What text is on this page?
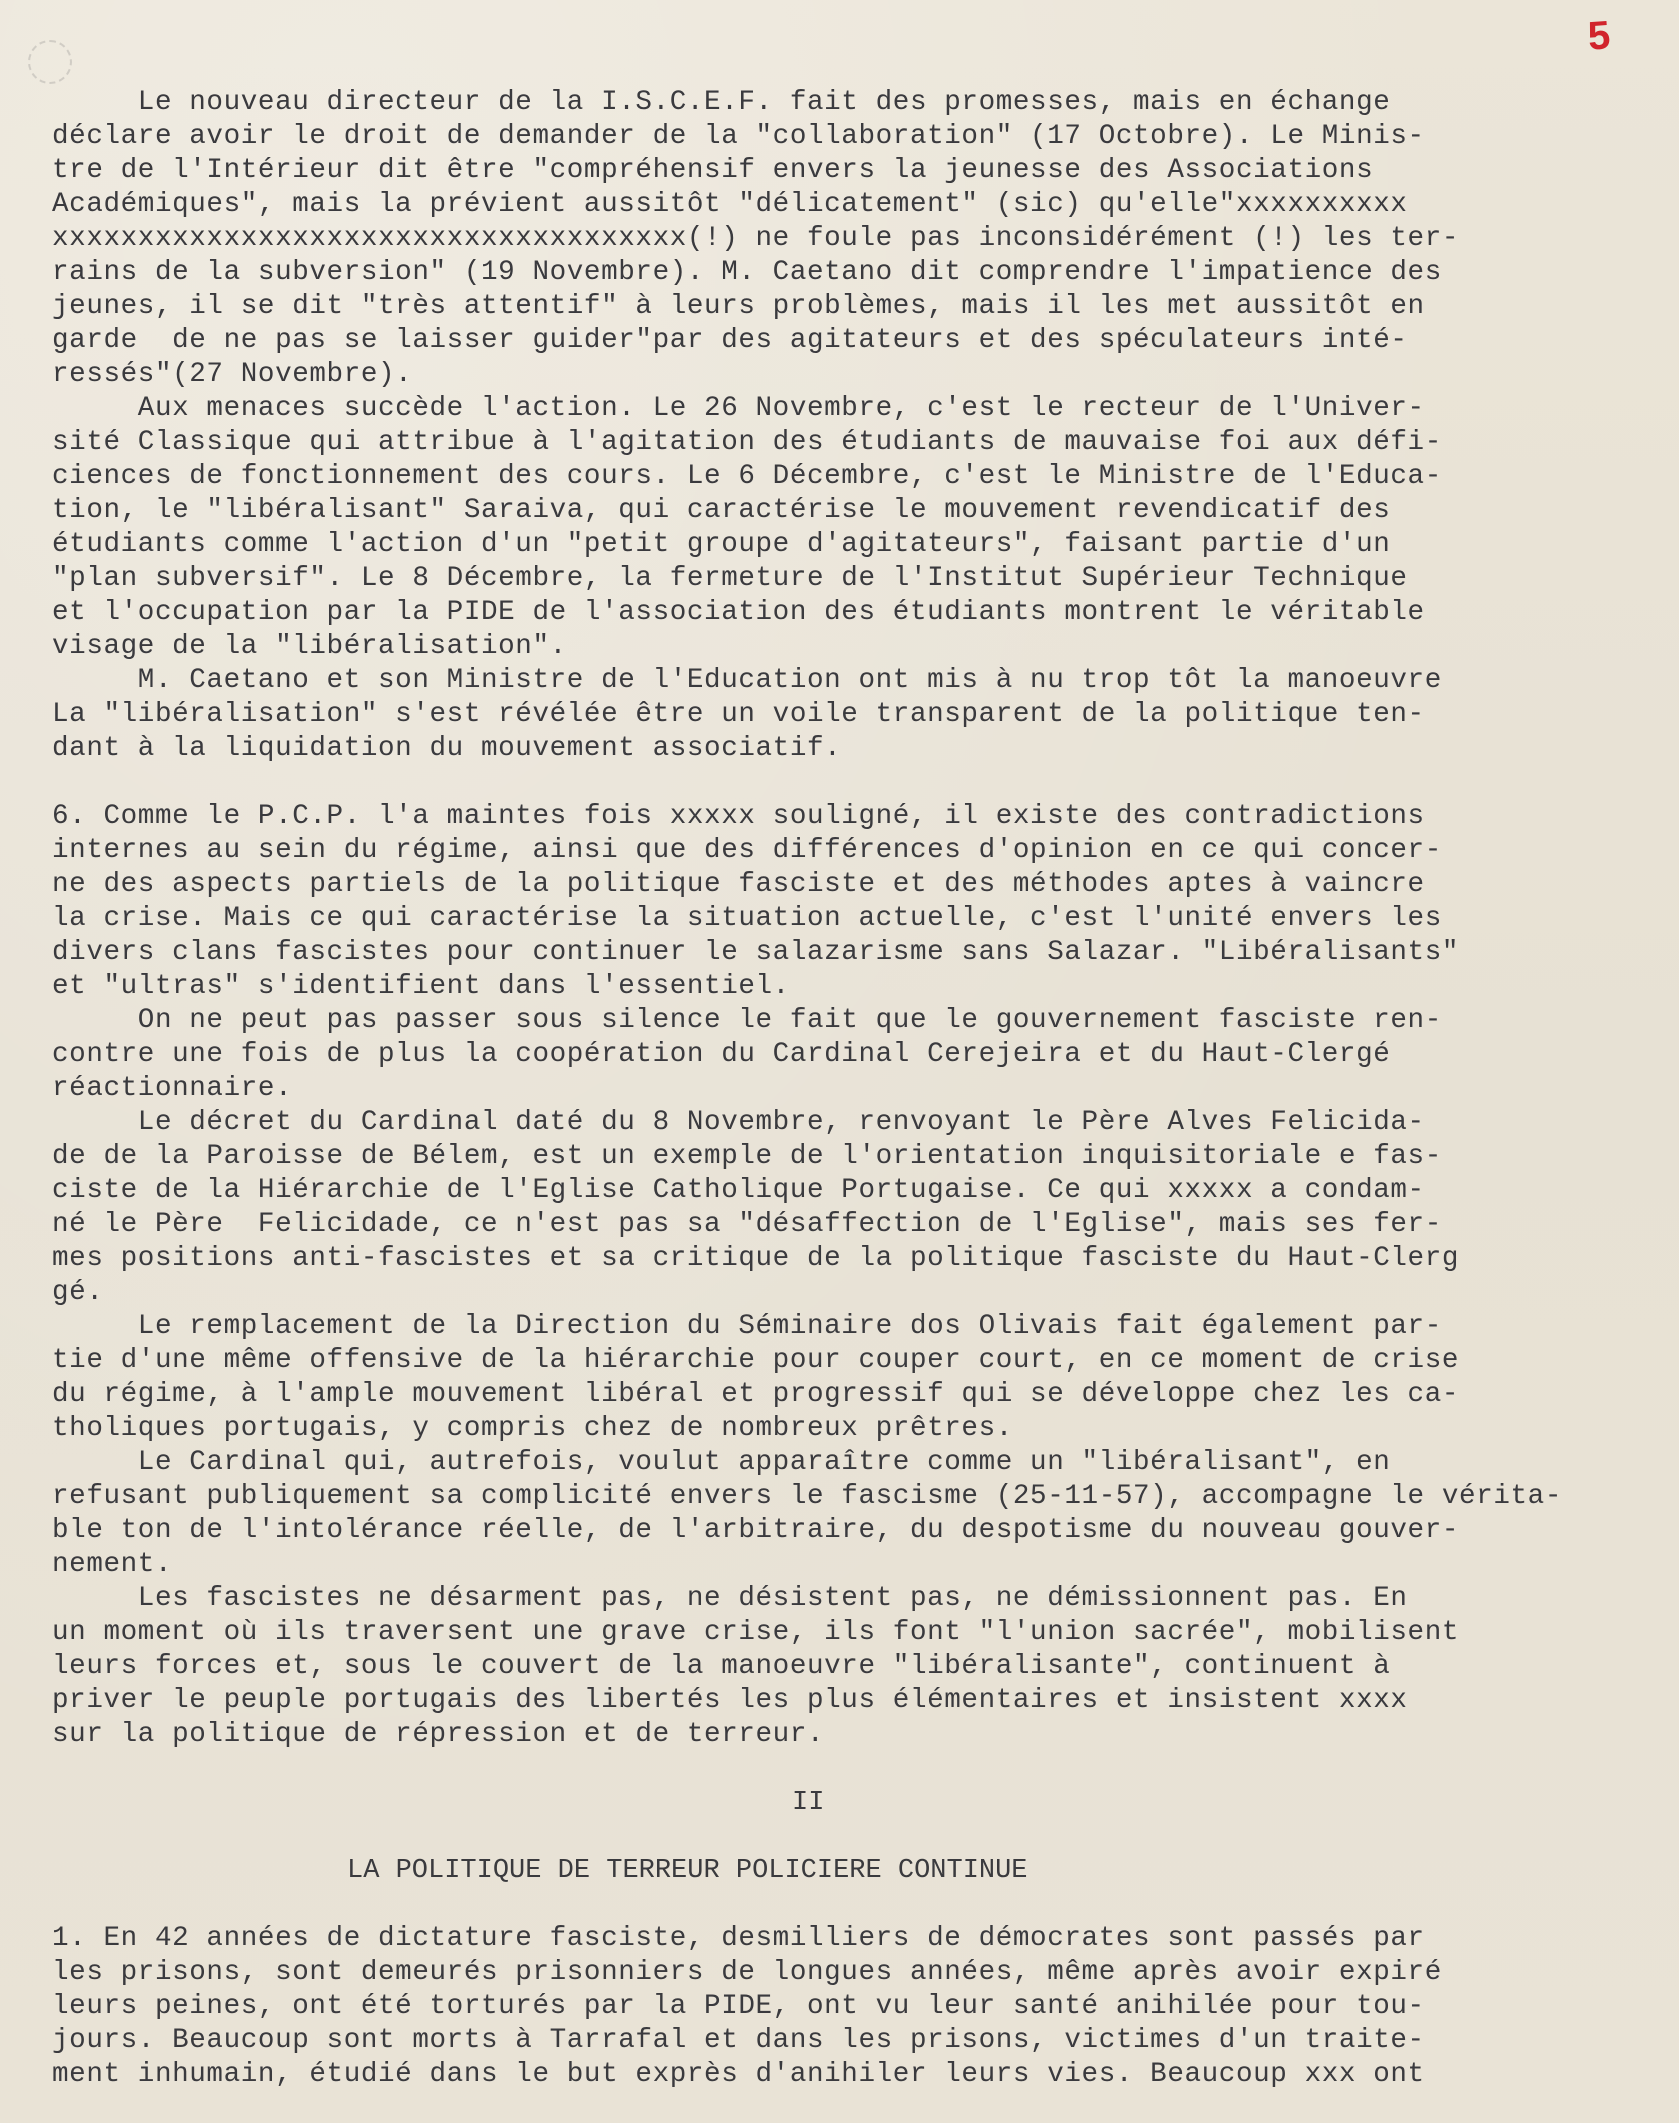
5
Le nouveau directeur de la I.S.C.E.F. fait des promesses, mais en échange
déclare avoir le droit de demander de la "collaboration" (17 Octobre). Le Minis-
tre de l'Intérieur dit être "compréhensif envers la jeunesse des Associations
Académiques", mais la prévient aussitôt "délicatement" (sic) qu'elle"xxxxxxxxxx
xxxxxxxxxxxxxxxxxxxxxxxxxxxxxxxxxxxxx(!) ne foule pas inconsidérément (!) les ter-
rains de la subversion" (19 Novembre). M. Caetano dit comprendre l'impatience des
jeunes, il se dit "très attentif" à leurs problèmes, mais il les met aussitôt en
garde  de ne pas se laisser guider"par des agitateurs et des spéculateurs inté-
ressés"(27 Novembre).
Aux menaces succède l'action. Le 26 Novembre, c'est le recteur de l'Univer-
sité Classique qui attribue à l'agitation des étudiants de mauvaise foi aux défi-
ciences de fonctionnement des cours. Le 6 Décembre, c'est le Ministre de l'Educa-
tion, le "libéralisant" Saraiva, qui caractérise le mouvement revendicatif des
étudiants comme l'action d'un "petit groupe d'agitateurs", faisant partie d'un
"plan subversif". Le 8 Décembre, la fermeture de l'Institut Supérieur Technique
et l'occupation par la PIDE de l'association des étudiants montrent le véritable
visage de la "libéralisation".
M. Caetano et son Ministre de l'Education ont mis à nu trop tôt la manoeuvre
La "libéralisation" s'est révélée être un voile transparent de la politique ten-
dant à la liquidation du mouvement associatif.
6. Comme le P.C.P. l'a maintes fois xxxxx souligné, il existe des contradictions
internes au sein du régime, ainsi que des différences d'opinion en ce qui concer-
ne des aspects partiels de la politique fasciste et des méthodes aptes à vaincre
la crise. Mais ce qui caractérise la situation actuelle, c'est l'unité envers les
divers clans fascistes pour continuer le salazarisme sans Salazar. "Libéralisants"
et "ultras" s'identifient dans l'essentiel.
On ne peut pas passer sous silence le fait que le gouvernement fasciste ren-
contre une fois de plus la coopération du Cardinal Cerejeira et du Haut-Clergé
réactionnaire.
Le décret du Cardinal daté du 8 Novembre, renvoyant le Père Alves Felicida-
de de la Paroisse de Bélem, est un exemple de l'orientation inquisitoriale e fas-
ciste de la Hiérarchie de l'Eglise Catholique Portugaise. Ce qui xxxxx a condam-
né le Père  Felicidade, ce n'est pas sa "désaffection de l'Eglise", mais ses fer-
mes positions anti-fascistes et sa critique de la politique fasciste du Haut-Clerg
gé.
Le remplacement de la Direction du Séminaire dos Olivais fait également par-
tie d'une même offensive de la hiérarchie pour couper court, en ce moment de crise
du régime, à l'ample mouvement libéral et progressif qui se développe chez les ca-
tholiques portugais, y compris chez de nombreux prêtres.
Le Cardinal qui, autrefois, voulut apparaître comme un "libéralisant", en
refusant publiquement sa complicité envers le fascisme (25-11-57), accompagne le vérita-
ble ton de l'intolérance réelle, de l'arbitraire, du despotisme du nouveau gouver-
nement.
Les fascistes ne désarment pas, ne désistent pas, ne démissionnent pas. En
un moment où ils traversent une grave crise, ils font "l'union sacrée", mobilisent
leurs forces et, sous le couvert de la manoeuvre "libéralisante", continuent à
priver le peuple portugais des libertés les plus élémentaires et insistent xxxx
sur la politique de répression et de terreur.
II
LA POLITIQUE DE TERREUR POLICIERE CONTINUE
1. En 42 années de dictature fasciste, desmilliers de démocrates sont passés par
les prisons, sont demeurés prisonniers de longues années, même après avoir expiré
leurs peines, ont été torturés par la PIDE, ont vu leur santé anihilée pour tou-
jours. Beaucoup sont morts à Tarrafal et dans les prisons, victimes d'un traite-
ment inhumain, étudié dans le but exprès d'anihiler leurs vies. Beaucoup xxx ont
